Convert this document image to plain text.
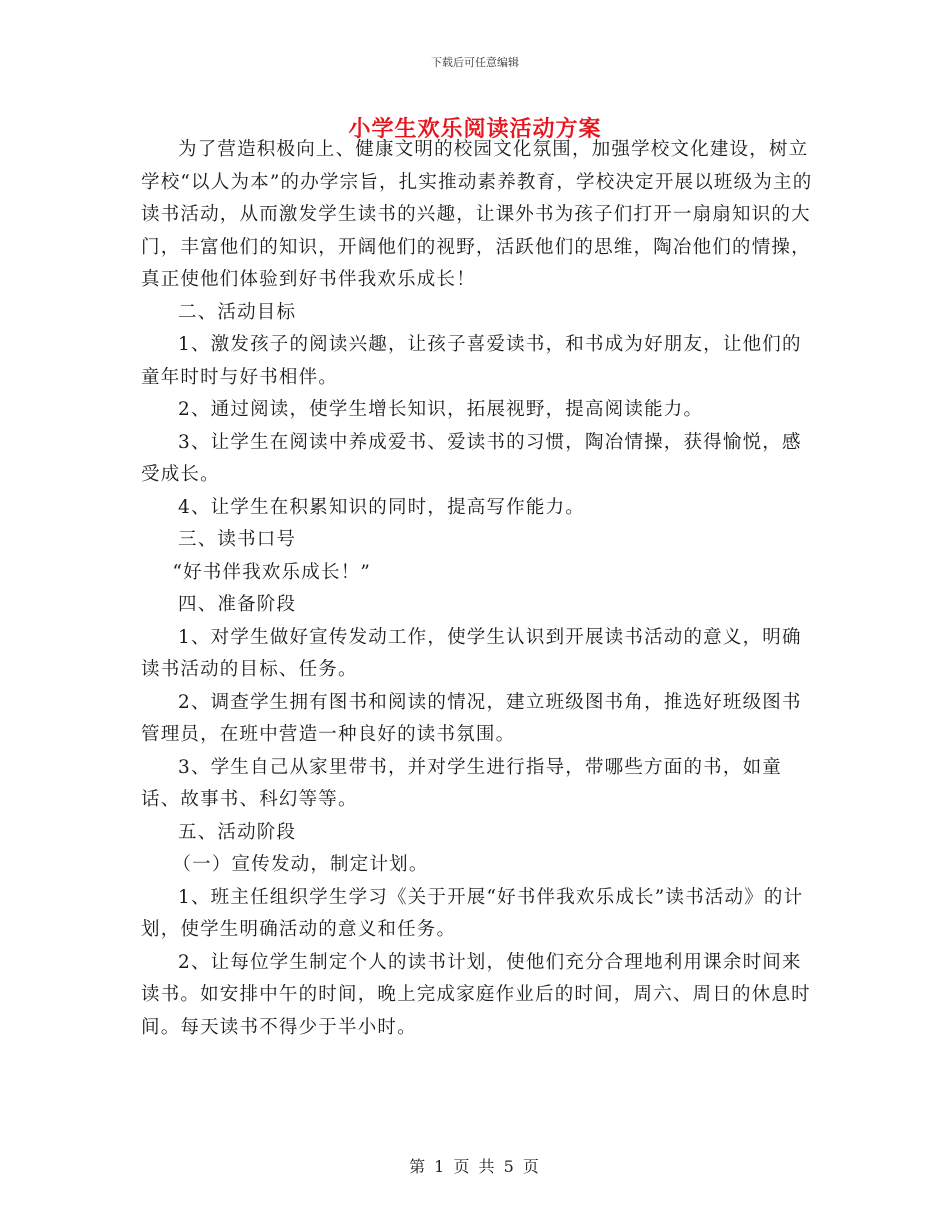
下载后可任意编辑
小学生欢乐阅读活动方案

为了营造积极向上、健康文明的校园文化氛围，加强学校文化建设，树立学校“以人为本”的办学宗旨，扎实推动素养教育，学校决定开展以班级为主的读书活动，从而激发学生读书的兴趣，让课外书为孩子们打开一扇扇知识的大门，丰富他们的知识，开阔他们的视野，活跃他们的思维，陶冶他们的情操，真正使他们体验到好书伴我欢乐成长！

二、活动目标

1、激发孩子的阅读兴趣，让孩子喜爱读书，和书成为好朋友，让他们的童年时时与好书相伴。

2、通过阅读，使学生增长知识，拓展视野，提高阅读能力。

3、让学生在阅读中养成爱书、爱读书的习惯，陶冶情操，获得愉悦，感受成长。

4、让学生在积累知识的同时，提高写作能力。

三、读书口号

“好书伴我欢乐成长！”

四、准备阶段

1、对学生做好宣传发动工作，使学生认识到开展读书活动的意义，明确读书活动的目标、任务。

2、调查学生拥有图书和阅读的情况，建立班级图书角，推选好班级图书管理员，在班中营造一种良好的读书氛围。

3、学生自己从家里带书，并对学生进行指导，带哪些方面的书，如童话、故事书、科幻等等。

五、活动阶段

（一）宣传发动，制定计划。

1、班主任组织学生学习《关于开展“好书伴我欢乐成长”读书活动》的计划，使学生明确活动的意义和任务。

2、让每位学生制定个人的读书计划，使他们充分合理地利用课余时间来读书。如安排中午的时间，晚上完成家庭作业后的时间，周六、周日的休息时间。每天读书不得少于半小时。

第 1 页 共 5 页
